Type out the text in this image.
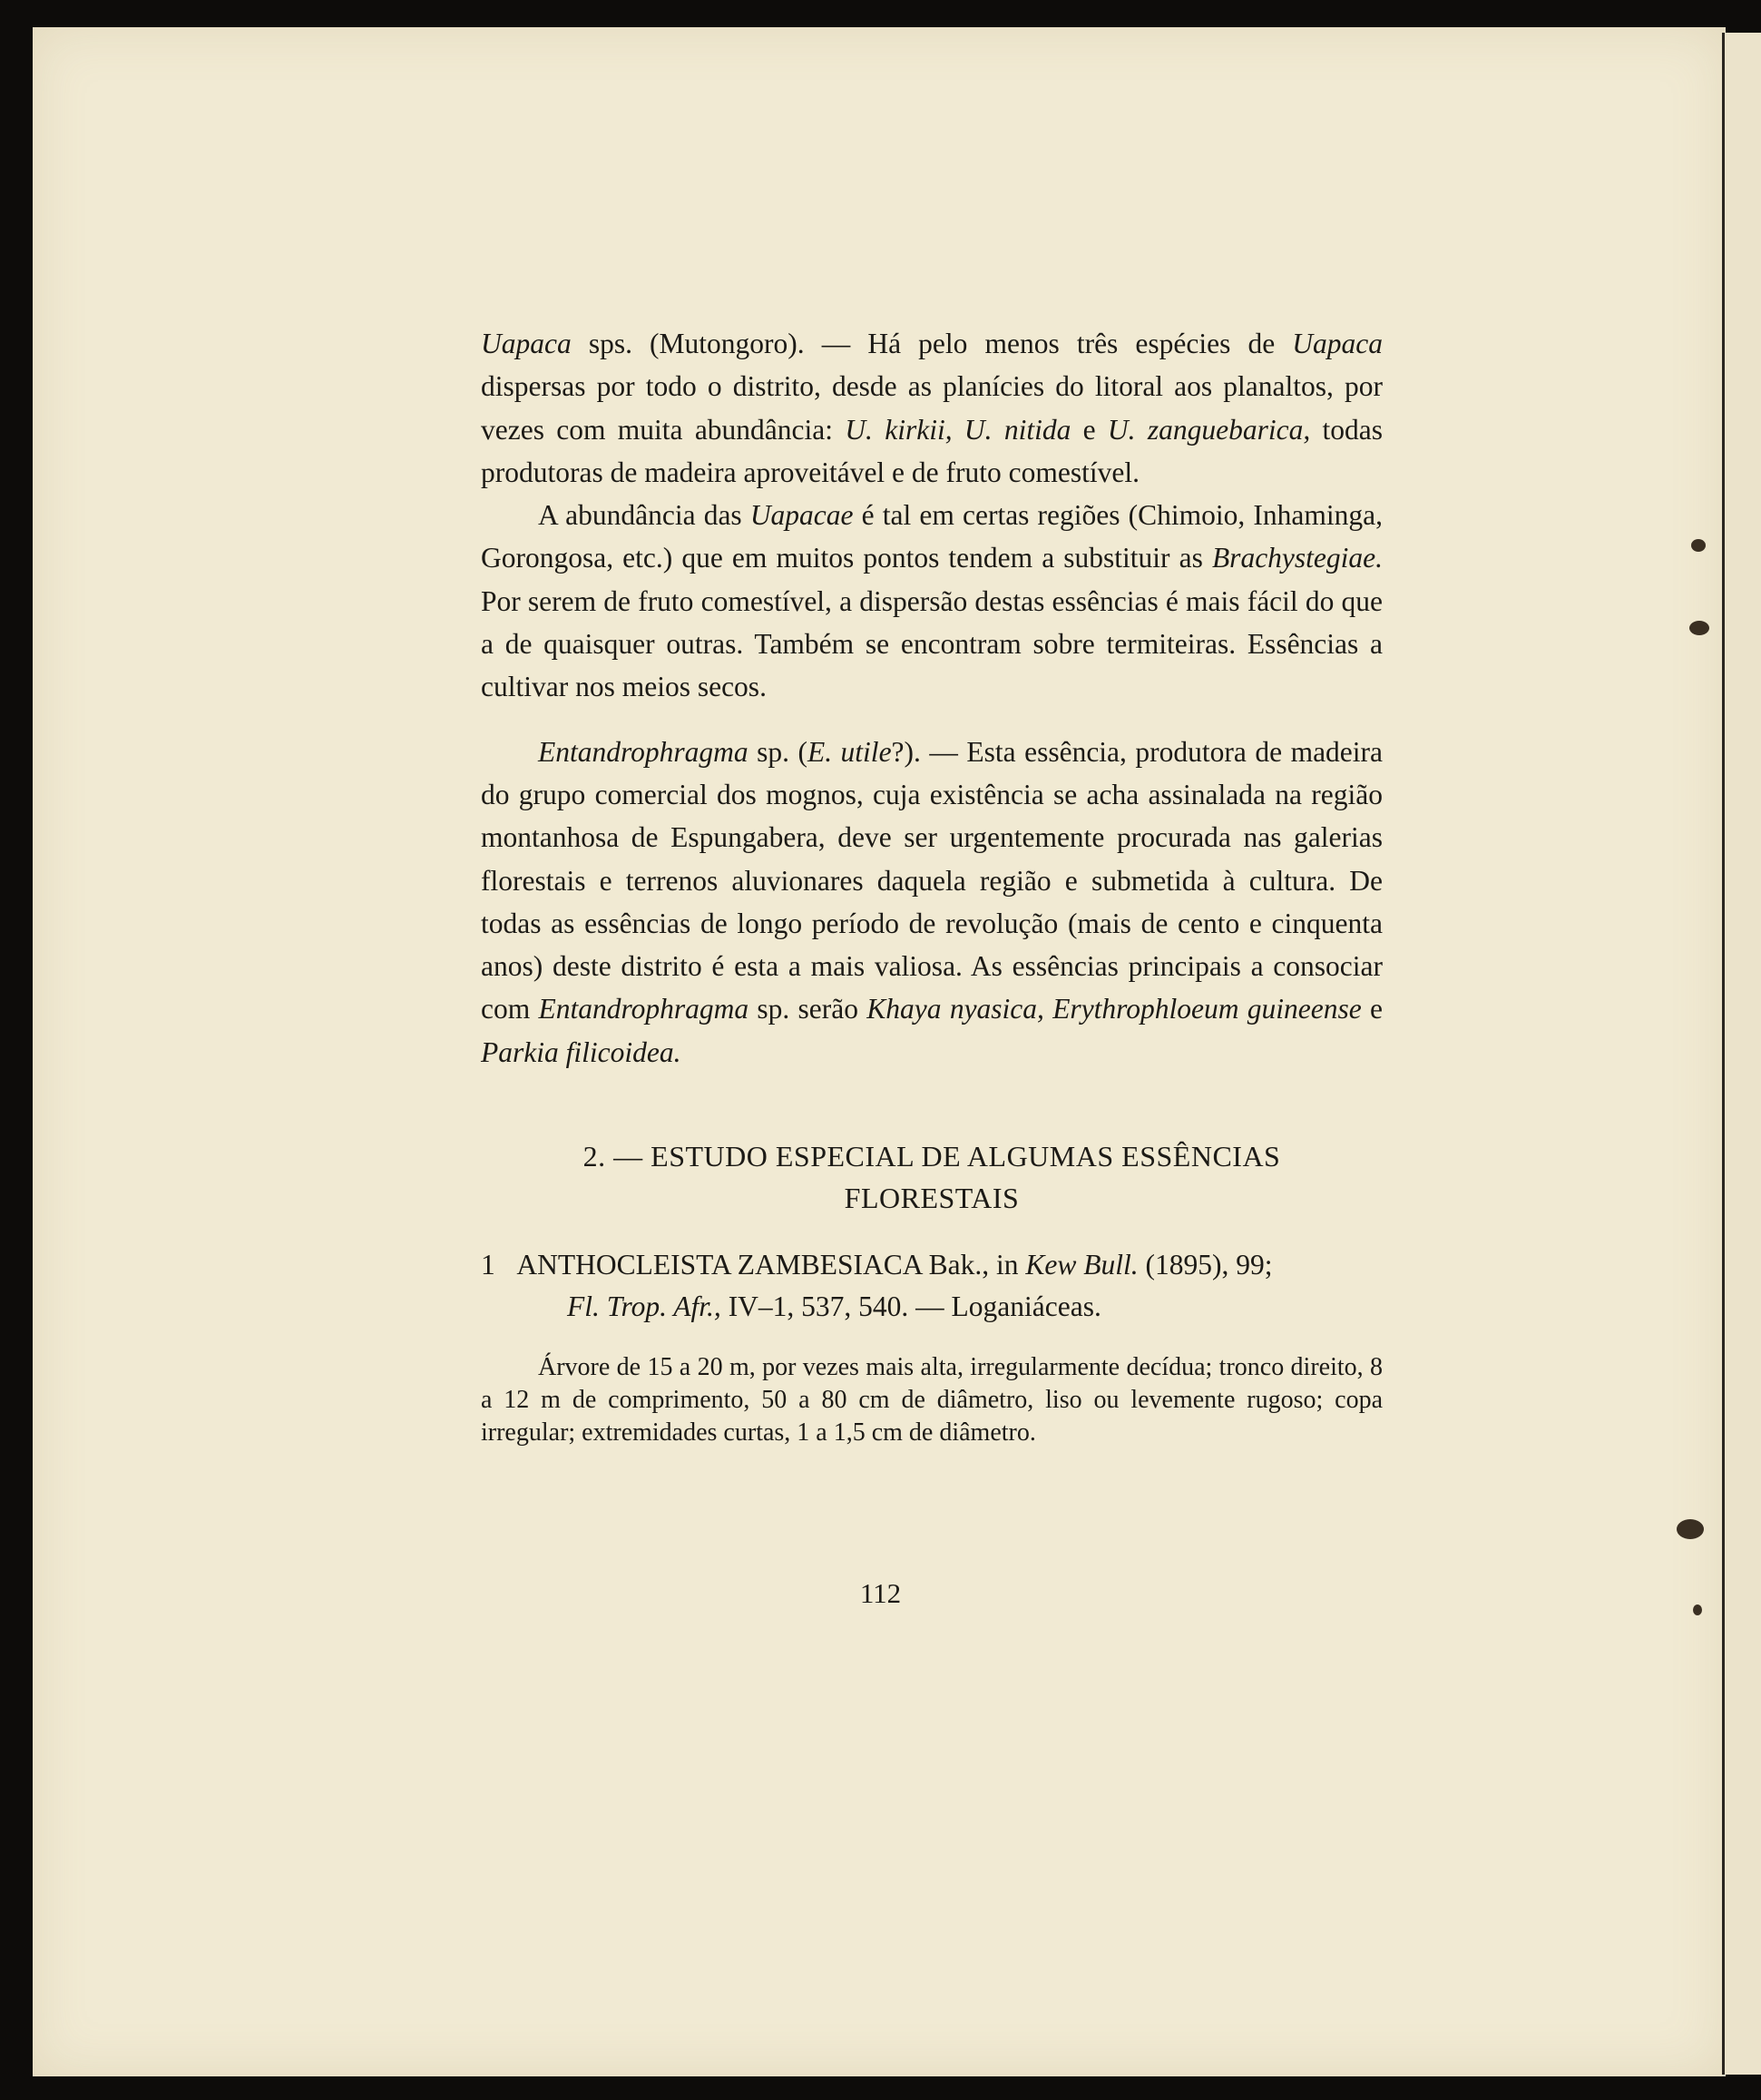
Uapaca sps. (Mutongoro). — Há pelo menos três espécies de Uapaca dispersas por todo o distrito, desde as planícies do litoral aos planaltos, por vezes com muita abundância: U. kirkii, U. nitida e U. zanguebarica, todas produtoras de madeira aproveitável e de fruto comestível.

A abundância das Uapacae é tal em certas regiões (Chimoio, Inhaminga, Gorongosa, etc.) que em muitos pontos tendem a substituir as Brachystegiae. Por serem de fruto comestível, a dispersão destas essências é mais fácil do que a de quaisquer outras. Também se encontram sobre termiteiras. Essências a cultivar nos meios secos.

Entandrophragma sp. (E. utile?). — Esta essência, produtora de madeira do grupo comercial dos mognos, cuja existência se acha assinalada na região montanhosa de Espungabera, deve ser urgentemente procurada nas galerias florestais e terrenos aluvionares daquela região e submetida à cultura. De todas as essências de longo período de revolução (mais de cento e cinquenta anos) deste distrito é esta a mais valiosa. As essências principais a consociar com Entandrophragma sp. serão Khaya nyasica, Erythrophloeum guineense e Parkia filicoidea.

2. — ESTUDO ESPECIAL DE ALGUMAS ESSÊNCIAS
FLORESTAIS
1 ANTHOCLEISTA ZAMBESIACA Bak., in Kew Bull. (1895), 99;
Fl. Trop. Afr., IV–1, 537, 540. — Loganiáceas.

Árvore de 15 a 20 m, por vezes mais alta, irregularmente decídua; tronco direito, 8 a 12 m de comprimento, 50 a 80 cm de diâmetro, liso ou levemente rugoso; copa irregular; extremidades curtas, 1 a 1,5 cm de diâmetro.

112
